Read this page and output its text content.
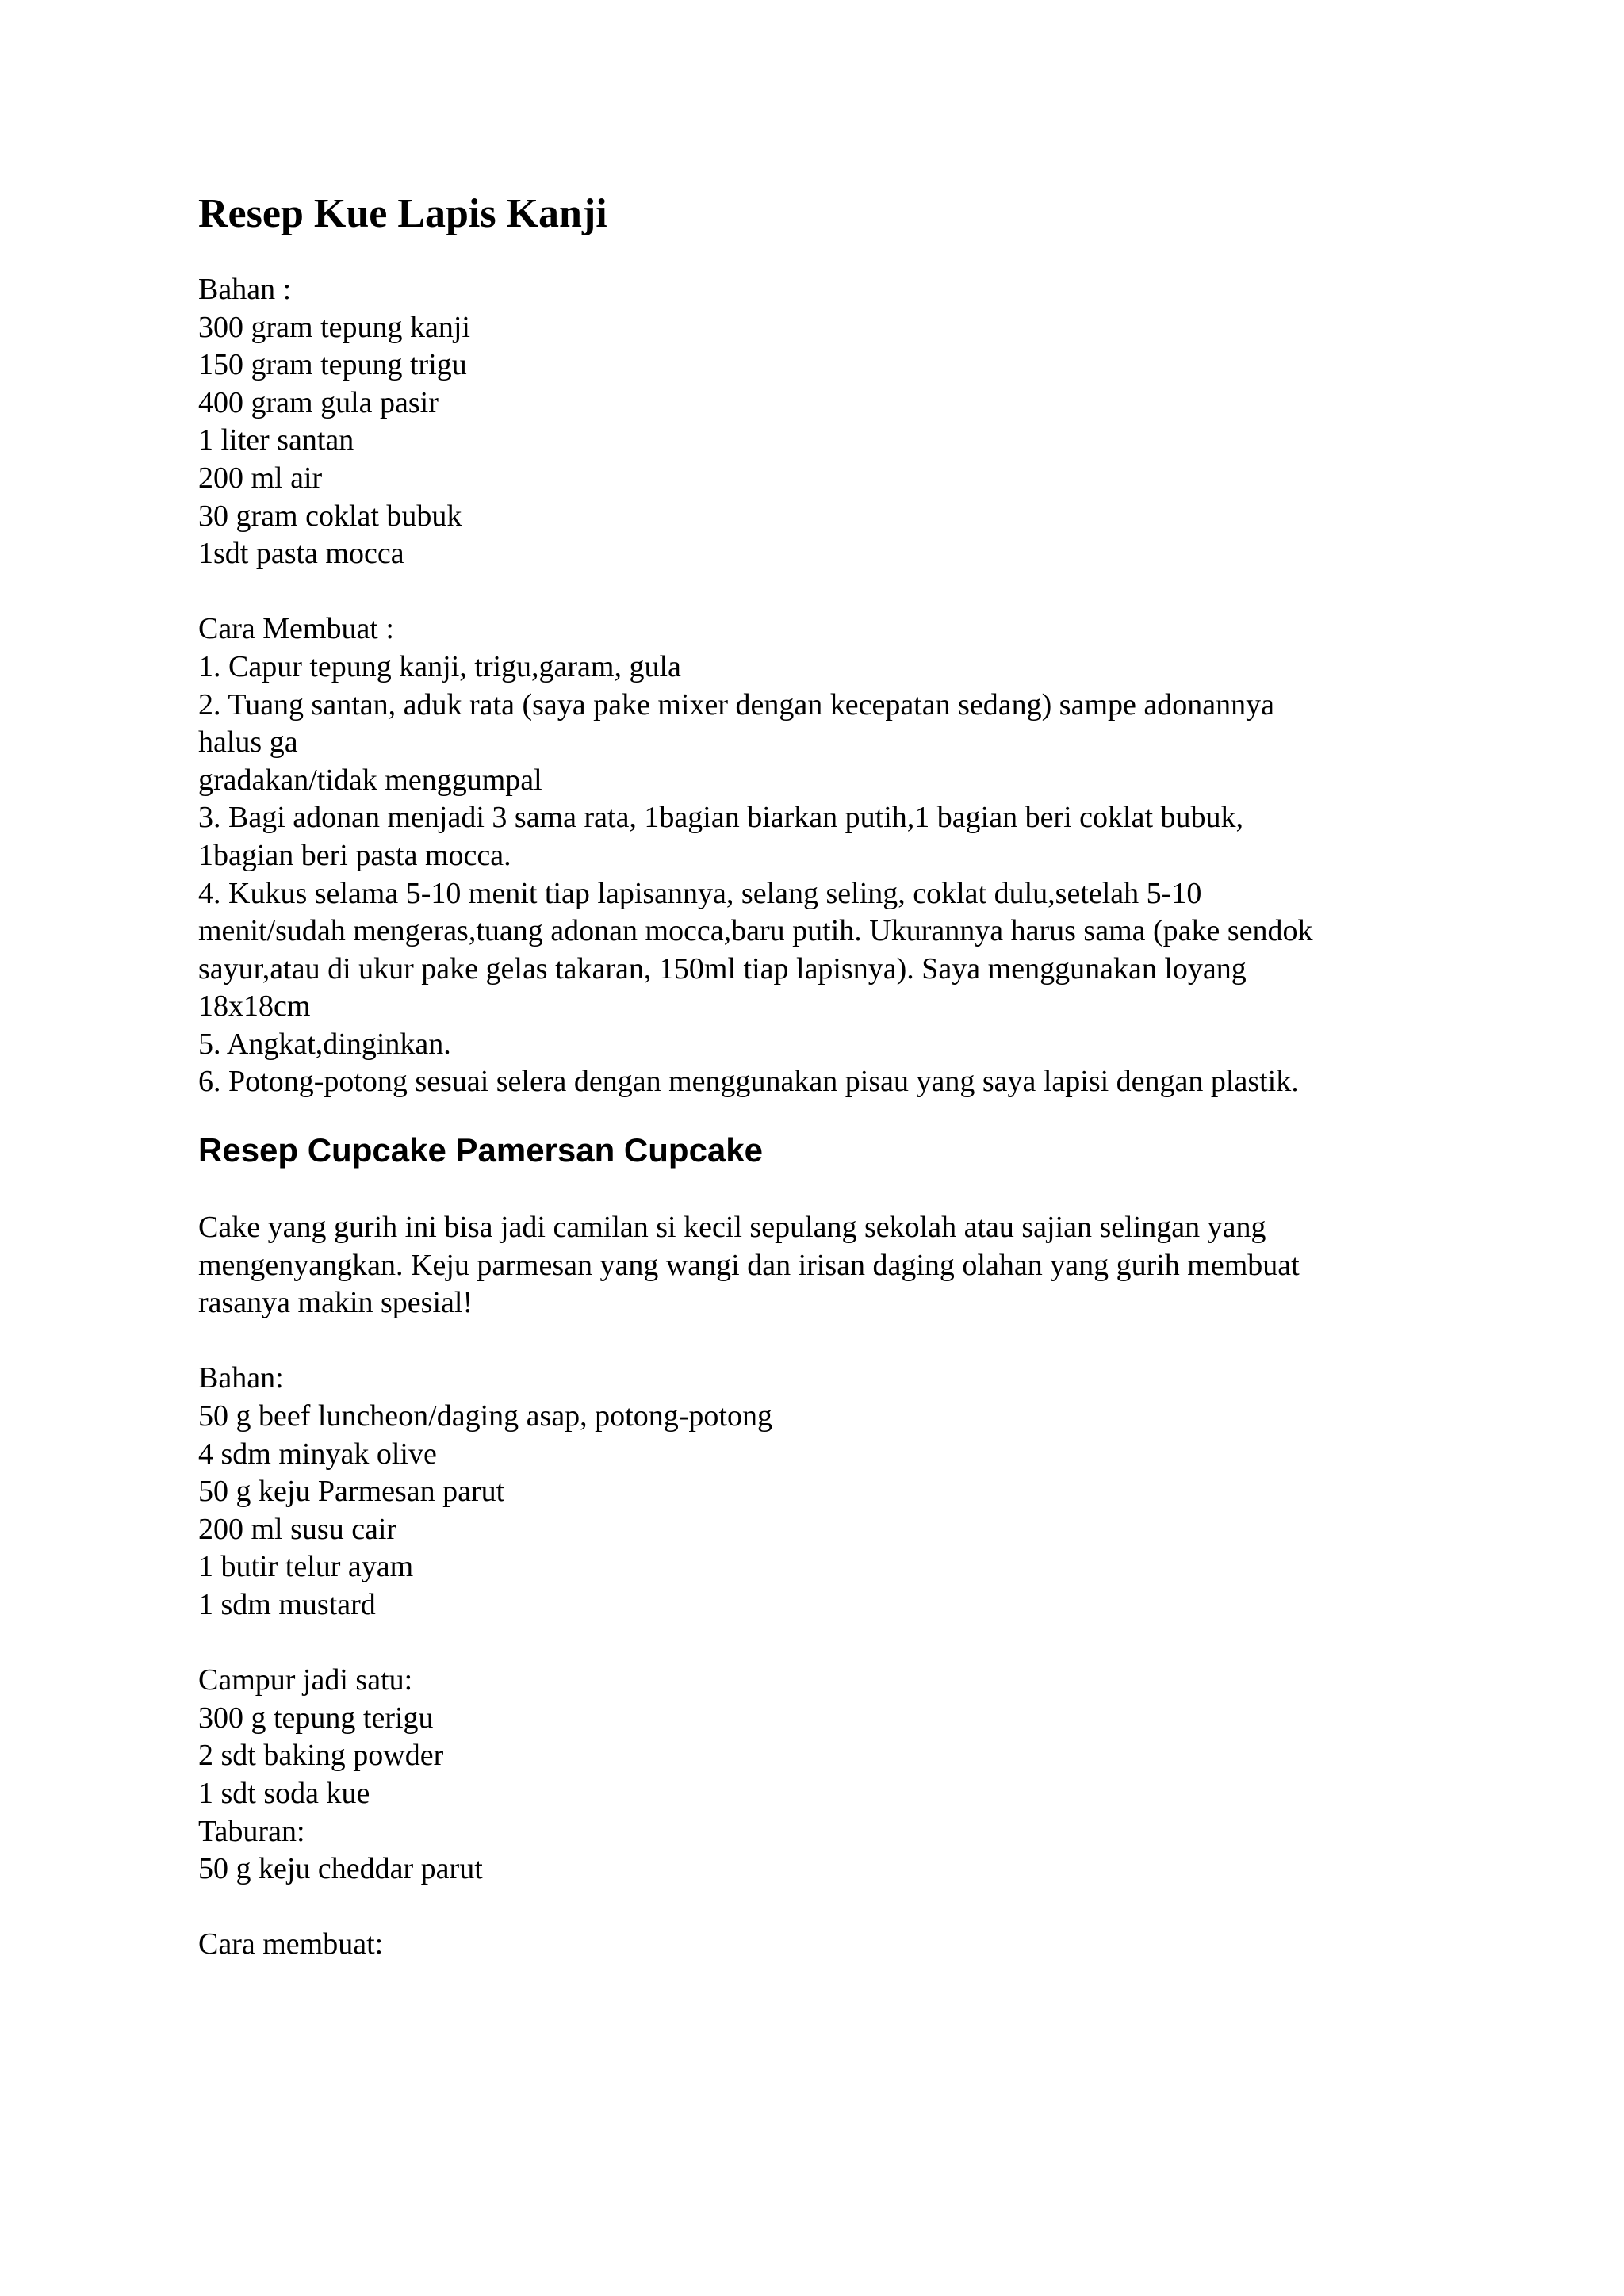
Resep Kue Lapis Kanji
Bahan :
300 gram tepung kanji
150 gram tepung trigu
400 gram gula pasir
1 liter santan
200 ml air
30 gram coklat bubuk
1sdt pasta mocca
Cara Membuat :
1. Capur tepung kanji, trigu,garam, gula
2. Tuang santan, aduk rata (saya pake mixer dengan kecepatan sedang) sampe adonannya
halus ga
gradakan/tidak menggumpal
3. Bagi adonan menjadi 3 sama rata, 1bagian biarkan putih,1 bagian beri coklat bubuk,
1bagian beri pasta mocca.
4. Kukus selama 5-10 menit tiap lapisannya, selang seling, coklat dulu,setelah 5-10
menit/sudah mengeras,tuang adonan mocca,baru putih. Ukurannya harus sama (pake sendok
sayur,atau di ukur pake gelas takaran, 150ml tiap lapisnya). Saya menggunakan loyang
18x18cm
5. Angkat,dinginkan.
6. Potong-potong sesuai selera dengan menggunakan pisau yang saya lapisi dengan plastik.
Resep Cupcake Pamersan Cupcake
Cake yang gurih ini bisa jadi camilan si kecil sepulang sekolah atau sajian selingan yang
mengenyangkan. Keju parmesan yang wangi dan irisan daging olahan yang gurih membuat
rasanya makin spesial!
Bahan:
50 g beef luncheon/daging asap, potong-potong
4 sdm minyak olive
50 g keju Parmesan parut
200 ml susu cair
1 butir telur ayam
1 sdm mustard
Campur jadi satu:
300 g tepung terigu
2 sdt baking powder
1 sdt soda kue
Taburan:
50 g keju cheddar parut
Cara membuat:
